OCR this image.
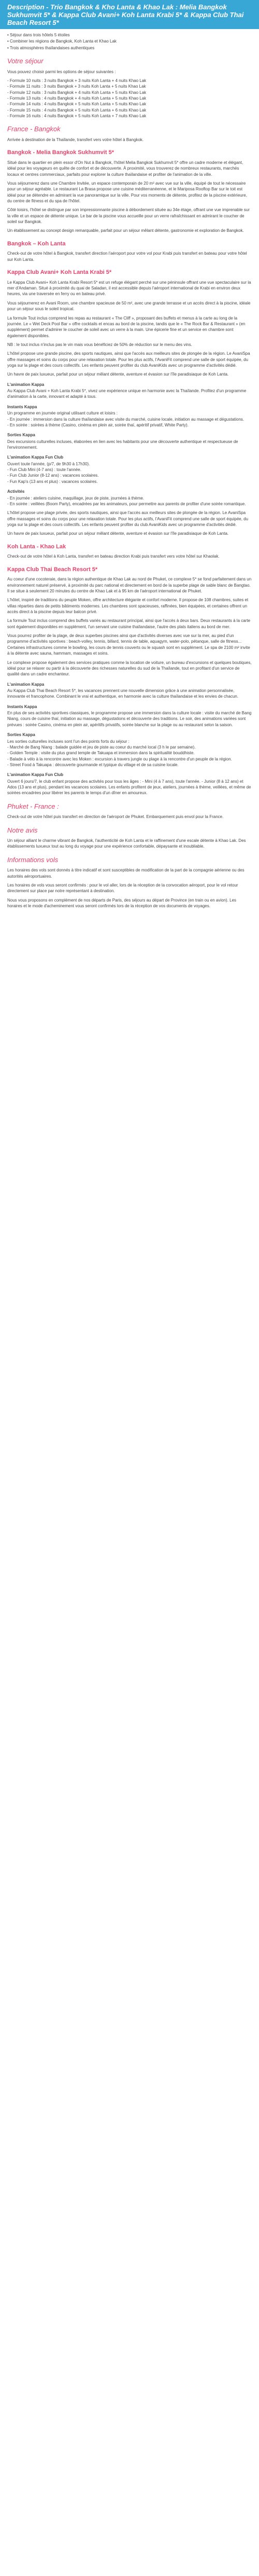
Description - Trio Bangkok & Kho Lanta & Khao Lak : Melia Bangkok Sukhumvit 5* & Kappa Club Avani+ Koh Lanta Krabi 5* & Kappa Club Thai Beach Resort 5*
• Séjour dans trois hôtels 5 étoiles
• Combiner les régions de Bangkok, Koh Lanta et Khao Lak
• Trois atmosphères thaïlandaises authentiques
Votre séjour

Vous pouvez choisir parmi les options de séjour suivantes :

- Formule 10 nuits : 3 nuits Bangkok + 3 nuits Koh Lanta + 4 nuits Khao Lak
- Formule 11 nuits : 3 nuits Bangkok + 3 nuits Koh Lanta + 5 nuits Khao Lak
- Formule 12 nuits : 3 nuits Bangkok + 4 nuits Koh Lanta + 5 nuits Khao Lak
- Formule 13 nuits : 4 nuits Bangkok + 4 nuits Koh Lanta + 5 nuits Khao Lak
- Formule 14 nuits : 4 nuits Bangkok + 5 nuits Koh Lanta + 5 nuits Khao Lak
- Formule 15 nuits : 4 nuits Bangkok + 5 nuits Koh Lanta + 6 nuits Khao Lak
- Formule 16 nuits : 4 nuits Bangkok + 5 nuits Koh Lanta + 7 nuits Khao Lak
France - Bangkok

Arrivée à destination de la Thaïlande, transfert vers votre hôtel à Bangkok.

Bangkok - Melia Bangkok Sukhumvit 5*

Situé dans le quartier en plein essor d'On Nut à Bangkok, l'hôtel Melia Bangkok Sukhumvit 5* offre un cadre moderne et élégant, idéal pour les voyageurs en quête de confort et de découverte. À proximité, vous trouverez de nombreux restaurants, marchés locaux et centres commerciaux, parfaits pour explorer la culture thaïlandaise et profiter de l'animation de la ville.

Vous séjournerez dans une Chambre Invitée, un espace contemporain de 20 m² avec vue sur la ville, équipé de tout le nécessaire pour un séjour agréable. Le restaurant La Brasa propose une cuisine méditerranéenne, et le Mariposa Rooftop Bar sur le toit est idéal pour se détendre en admirant la vue panoramique sur la ville. Pour vos moments de détente, profitez de la piscine extérieure, du centre de fitness et du spa de l'hôtel.

Côté loisirs, l'hôtel se distingue par son impressionnante piscine à débordement située au 34e étage, offrant une vue imprenable sur la ville et un espace de détente unique. Le bar de la piscine vous accueille pour un verre rafraîchissant en admirant le coucher de soleil sur Bangkok.

Un établissement au concept design remarquable, parfait pour un séjour mêlant détente, gastronomie et exploration de Bangkok.

Bangkok – Koh Lanta

Check-out de votre hôtel à Bangkok, transfert direction l'aéroport pour votre vol pour Krabi puis transfert en bateau pour votre hôtel sur Koh Lanta.

Kappa Club Avani+ Koh Lanta Krabi 5*

Le Kappa Club Avani+ Koh Lanta Krabi Resort 5* est un refuge élégant perché sur une péninsule offrant une vue spectaculaire sur la mer d'Andaman. Situé à proximité du quai de Saladan, il est accessible depuis l'aéroport international de Krabi en environ deux heures, via une traversée en ferry ou en bateau privé.

Vous séjournerez en Avani Room, une chambre spacieuse de 50 m², avec une grande terrasse et un accès direct à la piscine, idéale pour un séjour sous le soleil tropical.

La formule Tout inclus comprend les repas au restaurant « The Cliff », proposant des buffets et menus à la carte au long de la journée. Le « Wet Deck Pool Bar » offre cocktails et encas au bord de la piscine, tandis que le « The Rock Bar & Restaurant » (en supplément) permet d'admirer le coucher de soleil avec un verre à la main. Une épicerie fine et un service en chambre sont également disponibles.

NB : le tout inclus n'inclus pas le vin mais vous bénéficiez de 50% de réduction sur le menu des vins.

L'hôtel propose une grande piscine, des sports nautiques, ainsi que l'accès aux meilleurs sites de plongée de la région. Le AvaniSpa offre massages et soins du corps pour une relaxation totale. Pour les plus actifs, l'AvaniFit comprend une salle de sport équipée, du yoga sur la plage et des cours collectifs. Les enfants peuvent profiter du club AvaniKids avec un programme d'activités dédié.

Un havre de paix luxueux, parfait pour un séjour mêlant détente, aventure et évasion sur l'île paradisiaque de Koh Lanta.

L'animation Kappa

Au Kappa Club Avani + Koh Lanta Krabi 5*, vivez une expérience unique en harmonie avec la Thaïlande. Profitez d'un programme d'animation à la carte, innovant et adapté à tous.

Instants Kappa
Un programme en journée original utilisant culture et loisirs :
- En journée : immersion dans la culture thaïlandaise avec visite du marché, cuisine locale, initiation au massage et dégustations.
- En soirée : soirées à thème (Casino, cinéma en plein air, soirée thaï, apéritif privatif, White Party).
Sorties Kappa

Des excursions culturelles incluses, élaborées en lien avec les habitants pour une découverte authentique et respectueuse de l'environnement.

L'animation Kappa Fun Club
Ouvert toute l'année, (p/7, de 9h30 à 17h30).
- Fun Club Mini (4-7 ans) : toute l'année.
- Fun Club Junior (8-12 ans) : vacances scolaires.
- Fun Kap's (13 ans et plus) : vacances scolaires.
Activités
- En journée : ateliers cuisine, maquillage, jeux de piste, journées à thème.
- En soirée : veillées (Boom Party), encadrées par les animateurs, pour permettre aux parents de profiter d'une soirée romantique.

L'hôtel propose une plage privée, des sports nautiques, ainsi que l'accès aux meilleurs sites de plongée de la région. Le AvaniSpa offre massages et soins du corps pour une relaxation totale. Pour les plus actifs, l'AvaniFit comprend une salle de sport équipée, du yoga sur la plage et des cours collectifs. Les enfants peuvent profiter du club AvaniKids avec un programme d'activités dédié.

Un havre de paix luxueux, parfait pour un séjour mêlant détente, aventure et évasion sur l'île paradisiaque de Koh Lanta.

Koh Lanta - Khao Lak

Check-out de votre hôtel à Koh Lanta, transfert en bateau direction Krabi puis transfert vers votre hôtel sur Khaolak.

Kappa Club Thai Beach Resort 5*

Au coeur d'une cocoteraie, dans la région authentique de Khao Lak au nord de Phuket, ce complexe 5* se fond parfaitement dans un environnement naturel préservé, à proximité du parc national et directement en bord de la superbe plage de sable blanc de Bangtao. Il se situe à seulement 20 minutes du centre de Khao Lak et à 95 km de l'aéroport international de Phuket.

L'hôtel, inspiré de traditions du peuple Moken, offre architecture élégante et confort moderne. Il propose de 108 chambres, suites et villas réparties dans de petits bâtiments modernes. Les chambres sont spacieuses, raffinées, bien équipées, et certaines offrent un accès direct à la piscine depuis leur balcon privé.

La formule Tout inclus comprend des buffets variés au restaurant principal, ainsi que l'accès à deux bars. Deux restaurants à la carte sont également disponibles en supplément, l'un servant une cuisine thaïlandaise, l'autre des plats italiens au bord de mer.

Vous pourrez profiter de la plage, de deux superbes piscines ainsi que d'activités diverses avec vue sur la mer, au pied d'un programme d'activités sportives : beach-volley, tennis, billard, tennis de table, aquagym, water-polo, pétanque, salle de fitness... Certaines infrastructures comme le bowling, les cours de tennis couverts ou le squash sont en supplément. Le spa de 2100 m² invite à la détente avec sauna, hammam, massages et soins.

Le complexe propose également des services pratiques comme la location de voiture, un bureau d'excursions et quelques boutiques, idéal pour se relaxer ou partir à la découverte des richesses naturelles du sud de la Thaïlande, tout en profitant d'un service de qualité dans un cadre enchanteur.

L'animation Kappa

Au Kappa Club Thai Beach Resort 5*, les vacances prennent une nouvelle dimension grâce à une animation personnalisée, innovante et francophone. Combinant le vrai et authentique, en harmonie avec la culture thaïlandaise et les envies de chacun.

Instants Kappa

En plus de ses activités sportives classiques, le programme propose une immersion dans la culture locale : visite du marché de Bang Niang, cours de cuisine thaï, initiation au massage, dégustations et découverte des traditions. Le soir, des animations variées sont prévues : soirée Casino, cinéma en plein air, apéritifs privatifs, soirée blanche sur la plage ou au restaurant selon la saison.

Sorties Kappa
Les sorties culturelles incluses sont l'un des points forts du séjour :
- Marché de Bang Niang : balade guidée et jeu de piste au coeur du marché local (3 h le par semaine).
- Golden Temple : visite du plus grand temple de Takuapa et immersion dans la spiritualité bouddhiste.
- Balade à vélo à la rencontre avec les Moken : excursion à travers jungle ou plage à la rencontre d'un peuple de la région.
- Street Food à Takuapa : découverte gourmande et typique du village et de sa cuisine locale.
L'animation Kappa Fun Club

Ouvert 6 jours/7, le club enfant propose des activités pour tous les âges : - Mini (4 à 7 ans), toute l'année. - Junior (8 à 12 ans) et Ados (13 ans et plus), pendant les vacances scolaires. Les enfants profitent de jeux, ateliers, journées à thème, veillées, et même de soirées encadrées pour libérer les parents le temps d'un dîner en amoureux.

Phuket - France :

Check-out de votre hôtel puis transfert en direction de l'aéroport de Phuket. Embarquement puis envol pour la France.

Notre avis

Un séjour alliant le charme vibrant de Bangkok, l'authenticité de Koh Lanta et le raffinement d'une escale détente à Khao Lak. Des établissements luxueux tout au long du voyage pour une expérience confortable, dépaysante et inoubliable.

Informations vols

Les horaires des vols sont donnés à titre indicatif et sont susceptibles de modification de la part de la compagnie aérienne ou des autorités aéroportuaires.

Les horaires de vols vous seront confirmés : pour le vol aller, lors de la réception de la convocation aéroport, pour le vol retour directement sur place par notre représentant à destination.

Nous vous proposons en complément de nos départs de Paris, des séjours au départ de Province (en train ou en avion). Les horaires et le mode d'acheminement vous seront confirmés lors de la réception de vos documents de voyages.
